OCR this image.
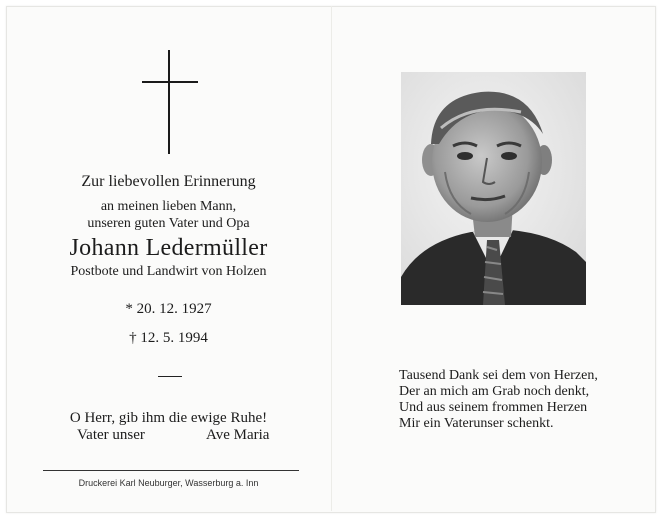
Zur liebevollen Erinnerung
an meinen lieben Mann,
unseren guten Vater und Opa
Johann Ledermüller
Postbote und Landwirt von Holzen
* 20. 12. 1927
† 12. 5. 1994
O Herr, gib ihm die ewige Ruhe!
Vater unser	Ave Maria
Druckerei Karl Neuburger, Wasserburg a. Inn
Tausend Dank sei dem von Herzen,
Der an mich am Grab noch denkt,
Und aus seinem frommen Herzen
Mir ein Vaterunser schenkt.
